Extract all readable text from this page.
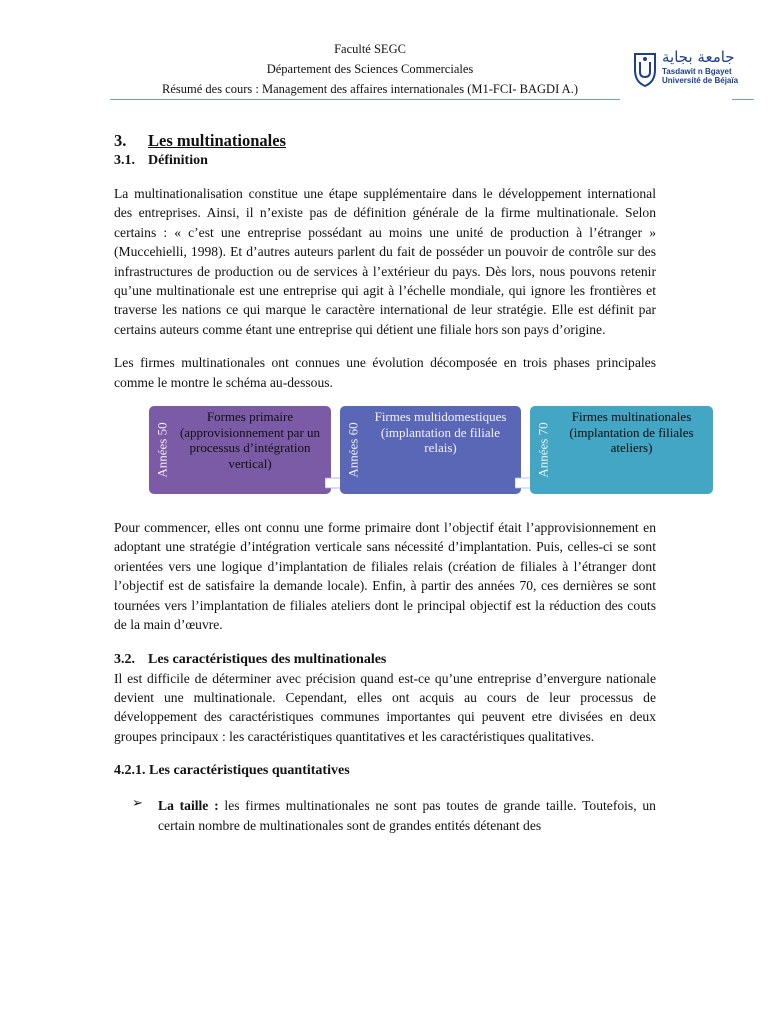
Faculté SEGC
Département des Sciences Commerciales
Résumé des cours : Management des affaires internationales (M1-FCI- BAGDI A.)
جامعة بجاية
Tasdawit n Bgayet
Université de Béjaïa
3. Les multinationales
3.1. Définition

La multinationalisation constitue une étape supplémentaire dans le développement international des entreprises. Ainsi, il n’existe pas de définition générale de la firme multinationale. Selon certains : « c’est une entreprise possédant au moins une unité de production à l’étranger » (Muccehielli, 1998). Et d’autres auteurs parlent du fait de posséder un pouvoir de contrôle sur des infrastructures de production ou de services à l’extérieur du pays. Dès lors, nous pouvons retenir qu’une multinationale est une entreprise qui agit à l’échelle mondiale, qui ignore les frontières et traverse les nations ce qui marque le caractère international de leur stratégie. Elle est définit par certains auteurs comme étant une entreprise qui détient une filiale hors son pays d’origine.

Les firmes multinationales ont connues une évolution décomposée en trois phases principales comme le montre le schéma au-dessous.

Années 50
Formes primaire (approvisionnement par un processus d’intégration vertical)	Années 60
Firmes multidomestiques (implantation de filiale relais)	Années 70
Firmes multinationales (implantation de filiales ateliers)

Pour commencer, elles ont connu une forme primaire dont l’objectif était l’approvisionnement en adoptant une stratégie d’intégration verticale sans nécessité d’implantation. Puis, celles-ci se sont orientées vers une logique d’implantation de filiales relais (création de filiales à l’étranger dont l’objectif est de satisfaire la demande locale). Enfin, à partir des années 70, ces dernières se sont tournées vers l’implantation de filiales ateliers dont le principal objectif est la réduction des couts de la main d’œuvre.

3.2. Les caractéristiques des multinationales

Il est difficile de déterminer avec précision quand est-ce qu’une entreprise d’envergure nationale devient une multinationale. Cependant, elles ont acquis au cours de leur processus de développement des caractéristiques communes importantes qui peuvent etre divisées en deux groupes principaux : les caractéristiques quantitatives et les caractéristiques qualitatives.

4.2.1. Les caractéristiques quantitatives
➢ La taille : les firmes multinationales ne sont pas toutes de grande taille. Toutefois, un certain nombre de multinationales sont de grandes entités détenant des
